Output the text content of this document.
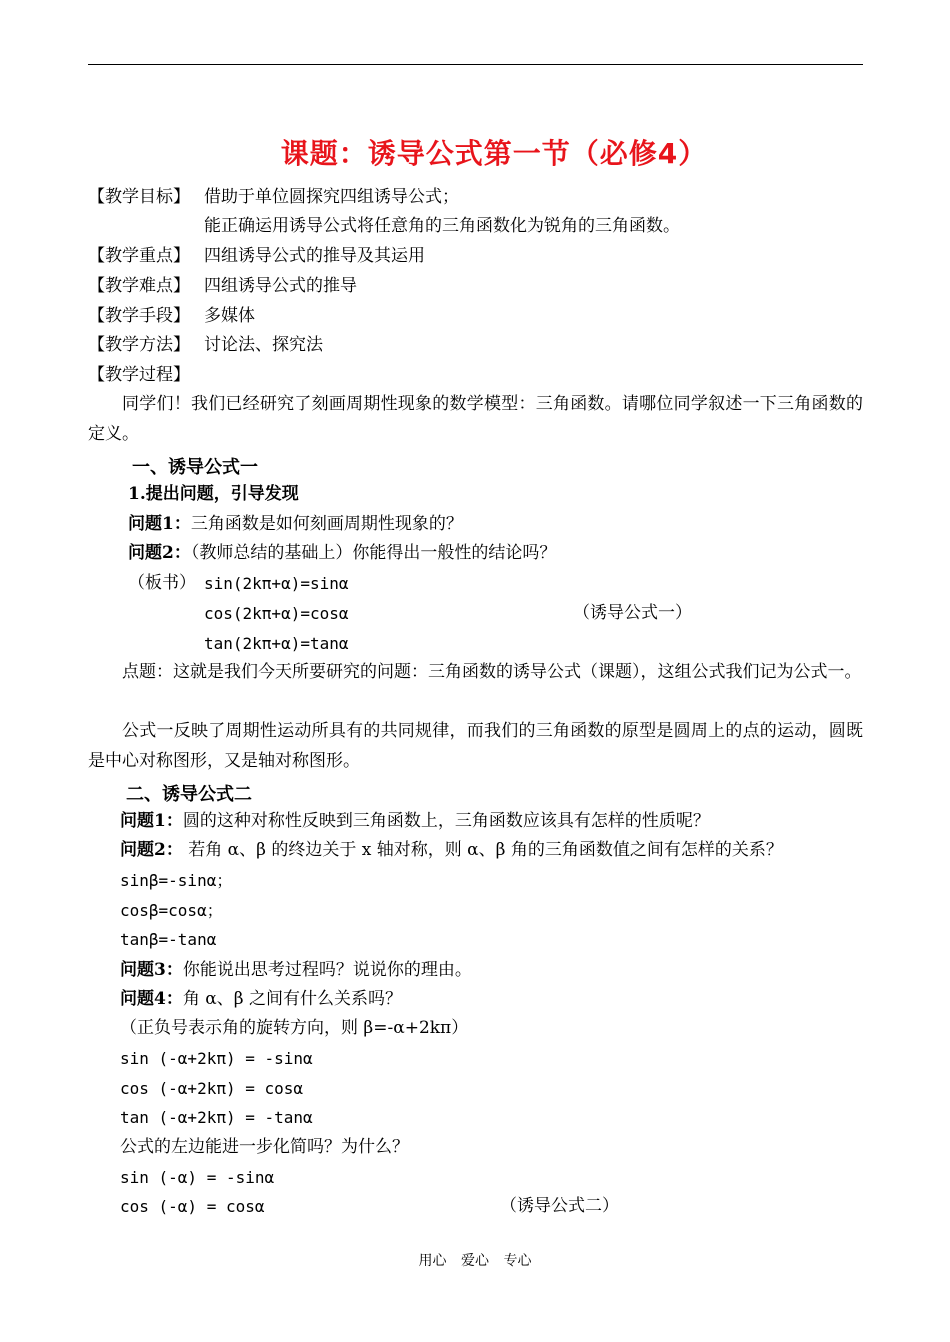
课题：诱导公式第一节（必修4）
【教学目标】 借助于单位圆探究四组诱导公式；
能正确运用诱导公式将任意角的三角函数化为锐角的三角函数。
【教学重点】 四组诱导公式的推导及其运用
【教学难点】 四组诱导公式的推导
【教学手段】 多媒体
【教学方法】 讨论法、探究法
【教学过程】
同学们！我们已经研究了刻画周期性现象的数学模型：三角函数。请哪位同学叙述一下三角函数的定义。
一、诱导公式一
1.提出问题，引导发现
问题1：三角函数是如何刻画周期性现象的？
问题2：（教师总结的基础上）你能得出一般性的结论吗？
（板书） sin(2kπ+α)=sinα
cos(2kπ+α)=cosα	（诱导公式一）
tan(2kπ+α)=tanα
点题：这就是我们今天所要研究的问题：三角函数的诱导公式（课题），这组公式我们记为公式一。
公式一反映了周期性运动所具有的共同规律，而我们的三角函数的原型是圆周上的点的运动，圆既是中心对称图形，又是轴对称图形。
二、诱导公式二
问题1：圆的这种对称性反映到三角函数上，三角函数应该具有怎样的性质呢？
问题2： 若角 α、β 的终边关于 x 轴对称，则 α、β 角的三角函数值之间有怎样的关系？
sinβ=-sinα；
cosβ=cosα；
tanβ=-tanα
问题3：你能说出思考过程吗？说说你的理由。
问题4：角 α、β 之间有什么关系吗？
（正负号表示角的旋转方向，则 β=-α+2kπ）
sin (-α+2kπ) = -sinα
cos (-α+2kπ) = cosα
tan (-α+2kπ) = -tanα
公式的左边能进一步化简吗？为什么？
sin (-α) = -sinα
cos (-α) = cosα	（诱导公式二）
用心 爱心 专心
